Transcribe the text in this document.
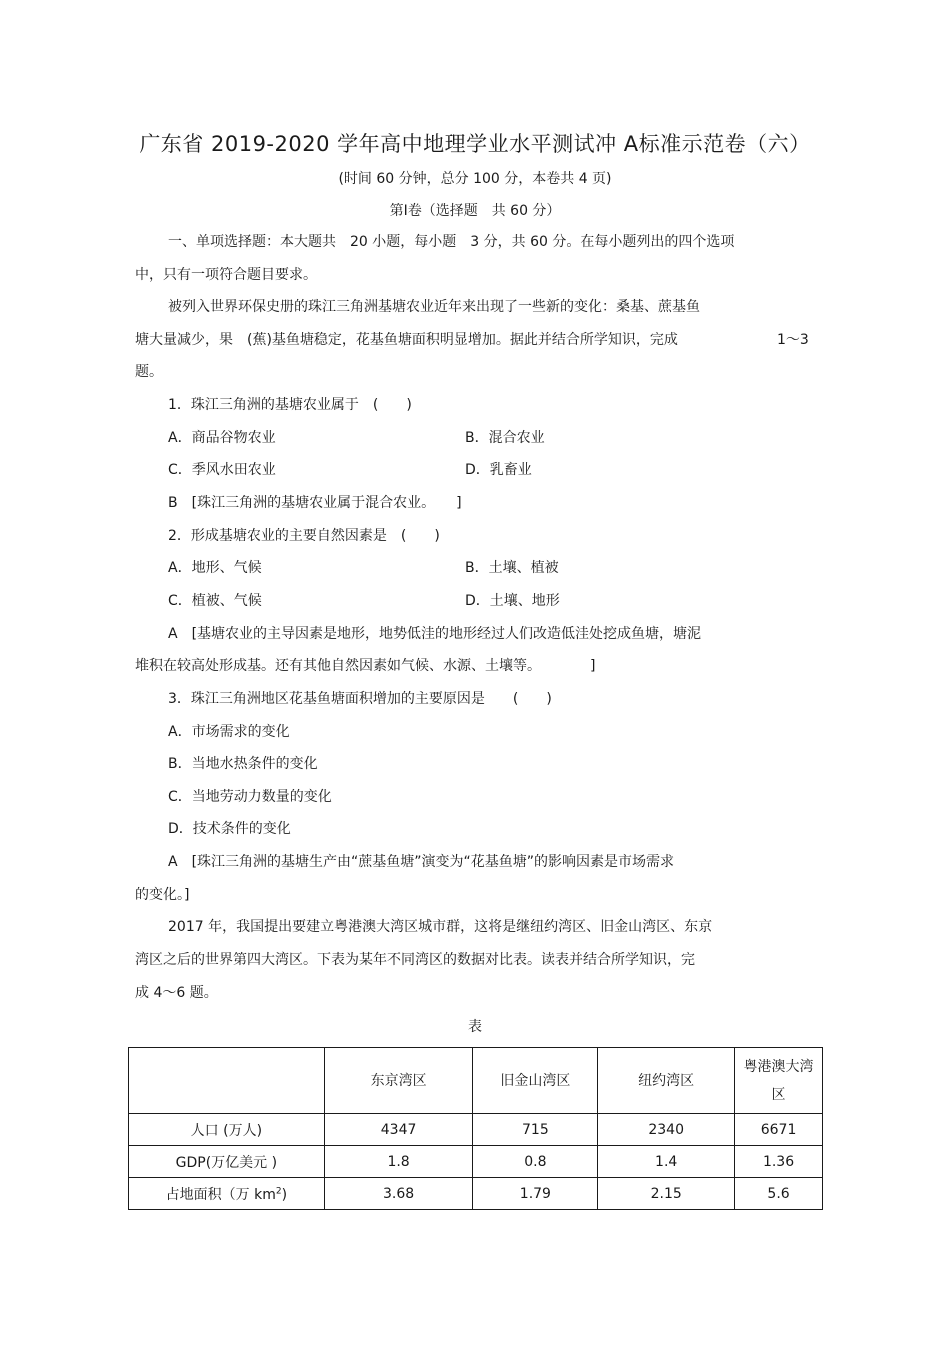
广东省 2019-2020 学年高中地理学业水平测试冲 A标准示范卷（六）
(时间 60 分钟，总分 100 分，本卷共 4 页)
第Ⅰ卷（选择题　共 60 分）
一、单项选择题：本大题共　20 小题，每小题　3 分，共 60 分。在每小题列出的四个选项
中，只有一项符合题目要求。
被列入世界环保史册的珠江三角洲基塘农业近年来出现了一些新的变化：桑基、蔗基鱼
塘大量减少，果　(蕉)基鱼塘稳定，花基鱼塘面积明显增加。据此并结合所学知识，完成	1～3
题。
1．珠江三角洲的基塘农业属于　(　　)
A．商品谷物农业	B．混合农业
C．季风水田农业	D．乳畜业
B　[珠江三角洲的基塘农业属于混合农业。　　]
2．形成基塘农业的主要自然因素是　(　　)
A．地形、气候	B．土壤、植被
C．植被、气候	D．土壤、地形
A　[基塘农业的主导因素是地形，地势低洼的地形经过人们改造低洼处挖成鱼塘，塘泥
堆积在较高处形成基。还有其他自然因素如气候、水源、土壤等。　　　　]
3．珠江三角洲地区花基鱼塘面积增加的主要原因是　　(　　)
A．市场需求的变化
B．当地水热条件的变化
C．当地劳动力数量的变化
D．技术条件的变化
A　[珠江三角洲的基塘生产由“蔗基鱼塘”演变为“花基鱼塘”的影响因素是市场需求
的变化。]
2017 年，我国提出要建立粤港澳大湾区城市群，这将是继纽约湾区、旧金山湾区、东京
湾区之后的世界第四大湾区。下表为某年不同湾区的数据对比表。读表并结合所学知识，完
成 4～6 题。
表
	东京湾区	旧金山湾区	纽约湾区	粤港澳大湾区
人口 (万人)	4347	715	2340	6671
GDP(万亿美元 )	1.8	0.8	1.4	1.36
占地面积（万 $km^2$)	3.68	1.79	2.15	5.6
